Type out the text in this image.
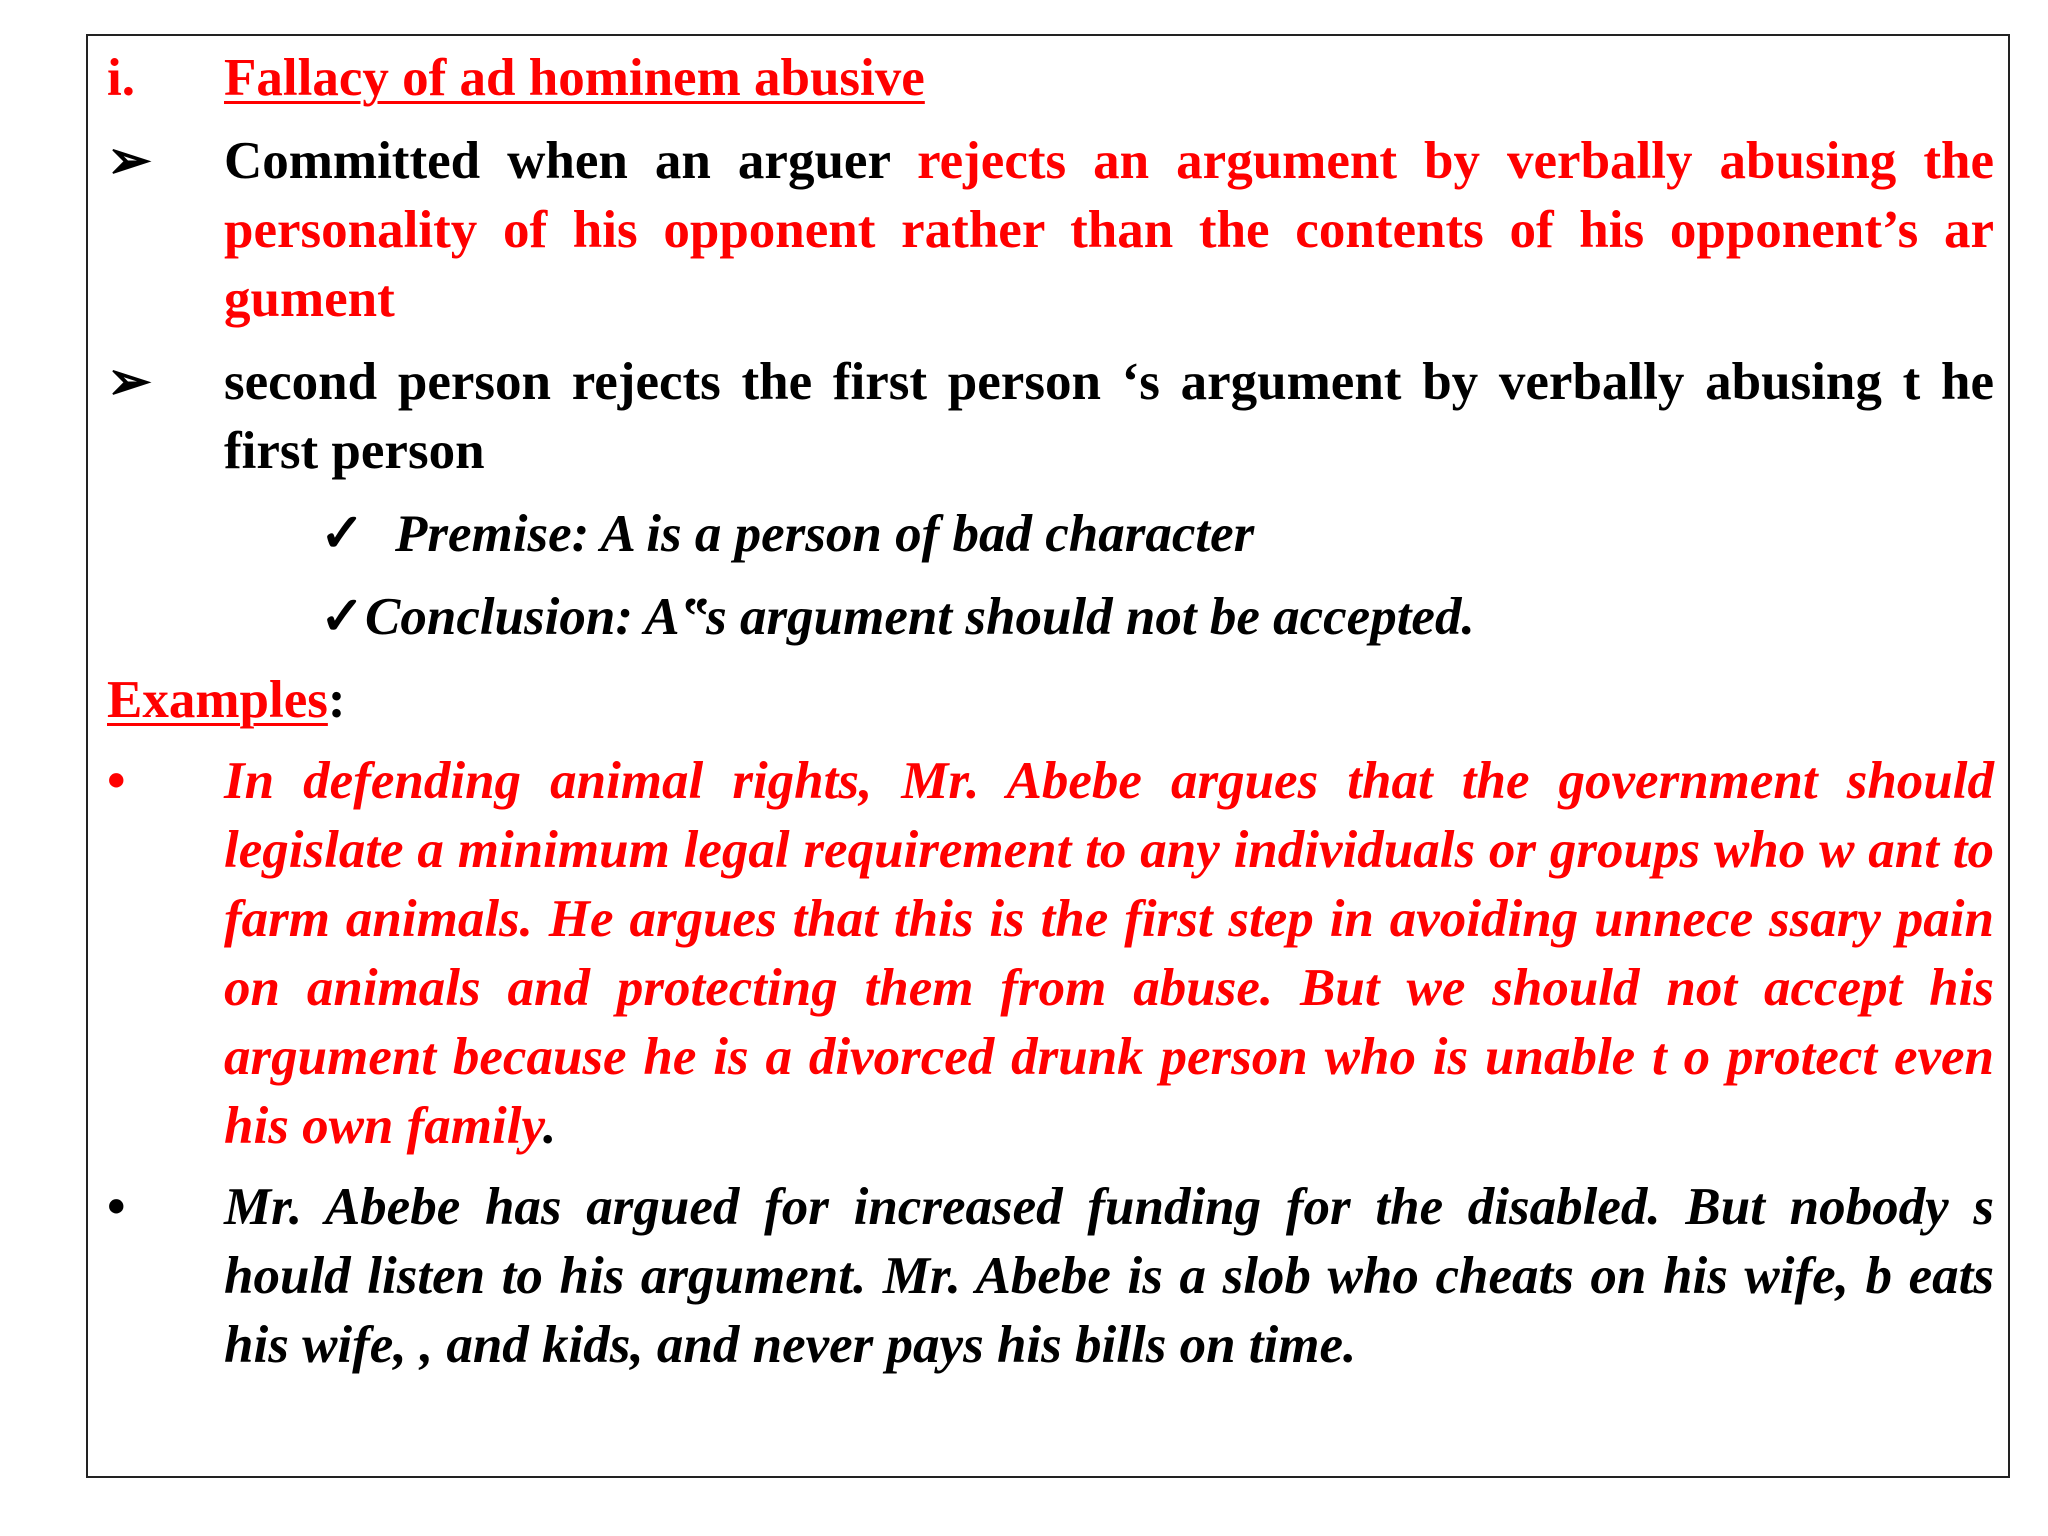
i. Fallacy of ad hominem abusive
➢ Committed when an arguer rejects an argument by verbally abusing the personality of his opponent rather than the contents of his opponent’s ar gument
➢ second person rejects the first person ‘s argument by verbally abusing t he first person
✓ Premise: A is a person of bad character
✓ Conclusion: A‟s argument should not be accepted.
Examples:
• In defending animal rights, Mr. Abebe argues that the government should legislate a minimum legal requirement to any individuals or groups who w ant to farm animals. He argues that this is the first step in avoiding unnece ssary pain on animals and protecting them from abuse. But we should not accept his argument because he is a divorced drunk person who is unable t o protect even his own family.
• Mr. Abebe has argued for increased funding for the disabled. But nobody s hould listen to his argument. Mr. Abebe is a slob who cheats on his wife, b eats his wife, , and kids, and never pays his bills on time.
